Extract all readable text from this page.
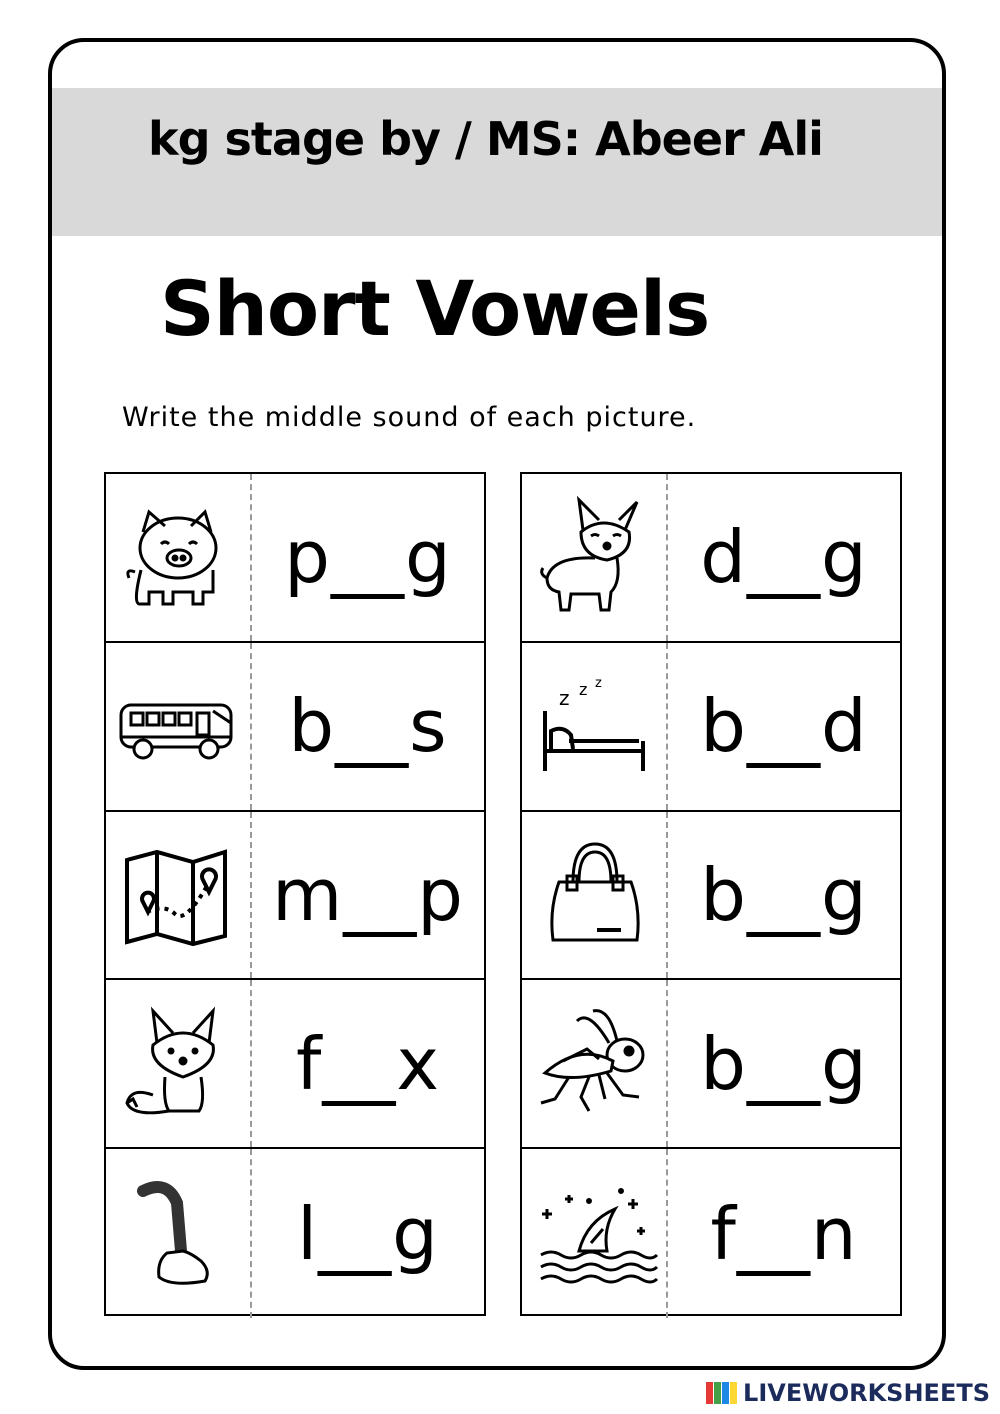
kg stage by / MS: Abeer Ali
Short Vowels
Write the middle sound of each picture.
p__g
b__s
m__p
f__x
l__g
d__g
z z z
b__d
b__g
b__g
f__n
LIVEWORKSHEETS
